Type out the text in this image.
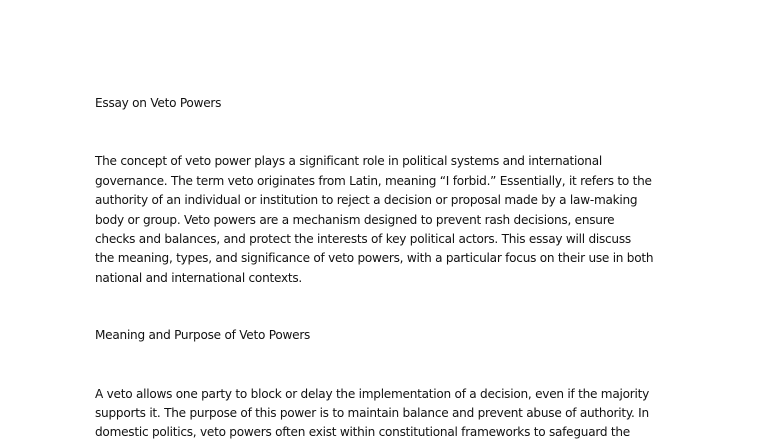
Essay on Veto Powers

The concept of veto power plays a significant role in political systems and international
governance. The term veto originates from Latin, meaning “I forbid.” Essentially, it refers to the
authority of an individual or institution to reject a decision or proposal made by a law-making
body or group. Veto powers are a mechanism designed to prevent rash decisions, ensure
checks and balances, and protect the interests of key political actors. This essay will discuss
the meaning, types, and significance of veto powers, with a particular focus on their use in both
national and international contexts.

Meaning and Purpose of Veto Powers

A veto allows one party to block or delay the implementation of a decision, even if the majority
supports it. The purpose of this power is to maintain balance and prevent abuse of authority. In
domestic politics, veto powers often exist within constitutional frameworks to safeguard the
